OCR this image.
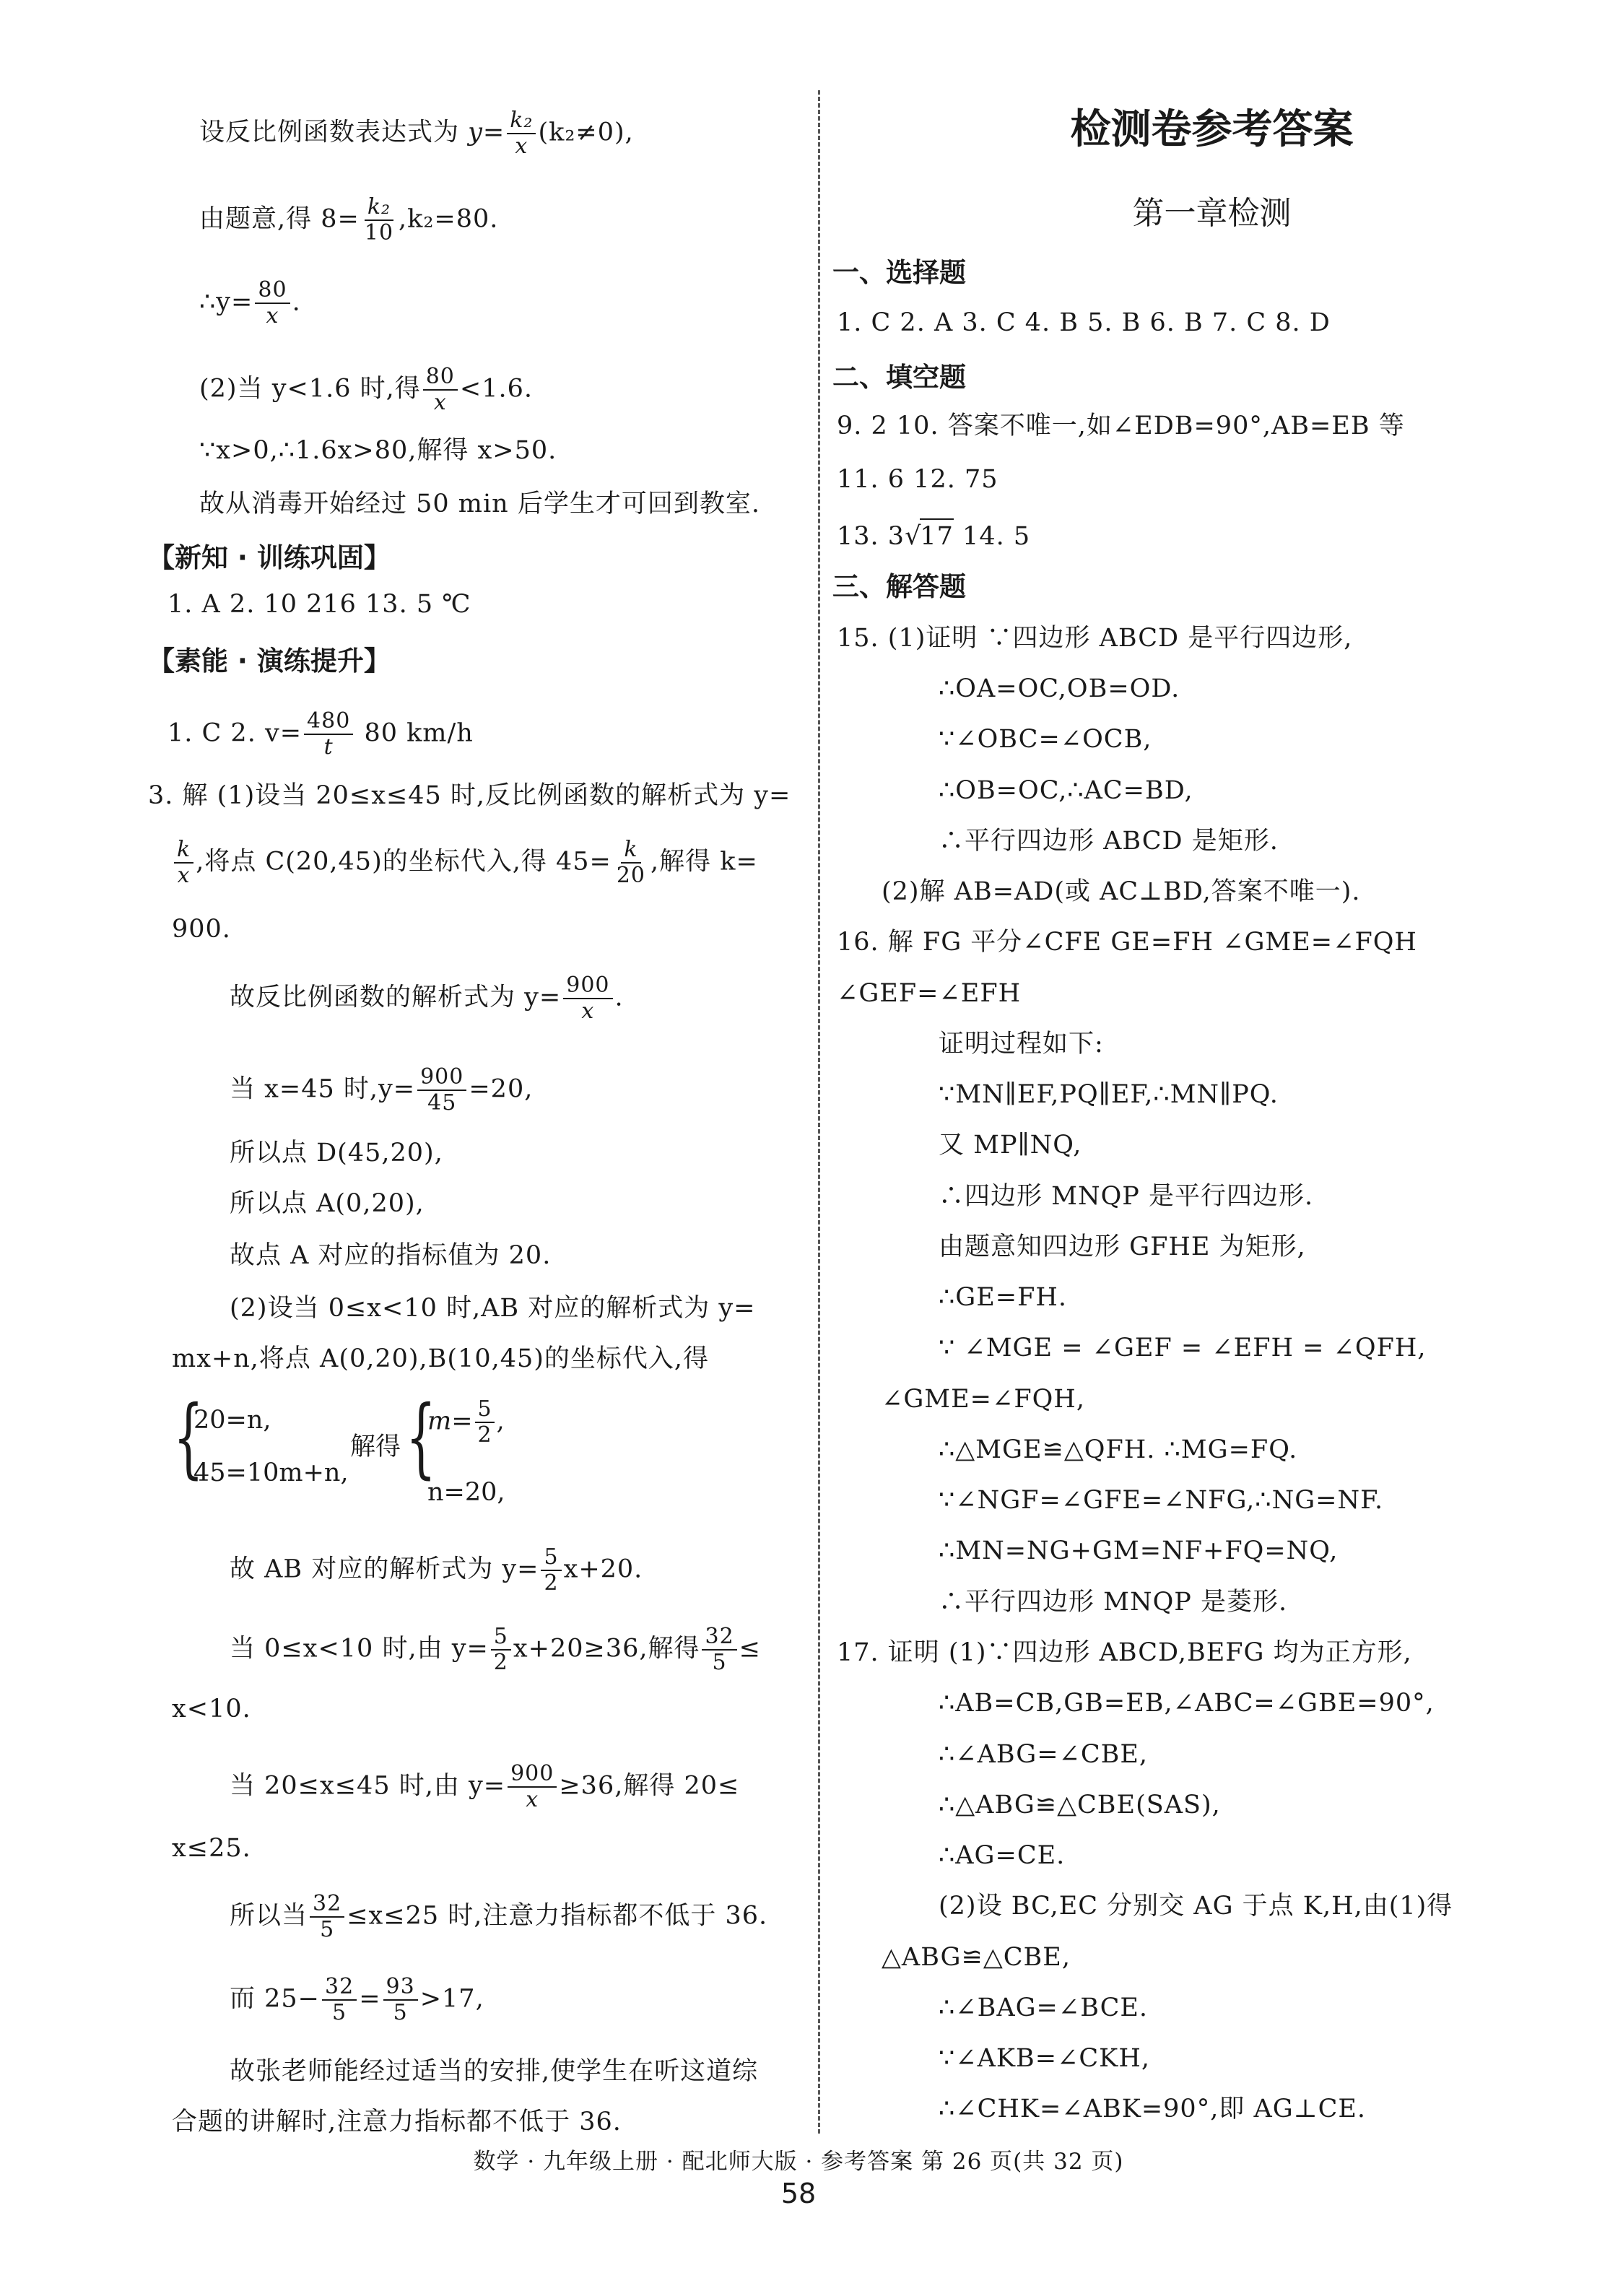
设反比例函数表达式为 $y= \frac{\text{k₂}}{x} (k_2\ne 0)$,
由题意,得 $8= \frac{\text{k₂}}{10} ,k_2=80$.
∴y= $\frac{80}{x}$ .
(2)当 y<1.6 时,得 $\frac{80}{x} <1.6$.
∵x>0,∴1.6x>80,解得 x>50.
故从消毒开始经过 50 min 后学生才可回到教室.
【新知 · 训练巩固】
1. A 2. 10 216 13. 5 ℃
【素能 · 演练提升】
1. C 2. $v= \frac{480}{t} 80$ km/h
3. 解 (1)设当 20≤x≤45 时,反比例函数的解析式为 y=
$\frac{k}{x}$ ,将点 C(20,45)的坐标代入,得 $45= \frac{k}{20}$ ,解得 k=
900.
故反比例函数的解析式为 $y= \frac{900}{x}$ .
当 x=45 时$,y= \frac{900}{45} =20$,
所以点 D(45,20),
所以点 A(0,20),
故点 A 对应的指标值为 20.
(2)设当 0≤x<10 时,AB 对应的解析式为 y=
mx+n,将点 A(0,20),B(10,45)的坐标代入,得
{
20=n,
45=10m+n,
解得 {
$m= \frac{5}{2}$ ,
n=20,
故 AB 对应的解析式为 $y= \frac{5}{2} x+20$.
当 0≤x<10 时,由 $y= \frac{5}{2} x+20\ge 36$,解得 $\frac{32}{5}$ ≤
x<10.
当 20≤x≤45 时,由 $y= \frac{900}{x} \ge 36$,解得 20≤
x≤25.
所以当 $\frac{32}{5} \le x\le 25$ 时,注意力指标都不低于 36.
而 $25- \frac{32}{5} = \frac{93}{5} >17$,
故张老师能经过适当的安排,使学生在听这道综
合题的讲解时,注意力指标都不低于 36.
检测卷参考答案
第一章检测
一、选择题
1. C 2. A 3. C 4. B 5. B 6. B 7. C 8. D
二、填空题
9. 2 10. 答案不唯一,如∠EDB=90°,AB=EB 等
11. 6 12. 75
13. 3√17 14. 5
三、解答题
15. (1)证明 ∵四边形 ABCD 是平行四边形,
∴OA=OC,OB=OD.
∵∠OBC=∠OCB,
∴OB=OC,∴AC=BD,
∴平行四边形 ABCD 是矩形.
(2)解 AB=AD(或 AC⊥BD,答案不唯一).
16. 解 FG 平分∠CFE GE=FH ∠GME=∠FQH
∠GEF=∠EFH
证明过程如下:
∵MN∥EF,PQ∥EF,∴MN∥PQ.
又 MP∥NQ,
∴四边形 MNQP 是平行四边形.
由题意知四边形 GFHE 为矩形,
∴GE=FH.
∵ ∠MGE = ∠GEF = ∠EFH = ∠QFH,
∠GME=∠FQH,
∴△MGE≌△QFH. ∴MG=FQ.
∵∠NGF=∠GFE=∠NFG,∴NG=NF.
∴MN=NG+GM=NF+FQ=NQ,
∴平行四边形 MNQP 是菱形.
17. 证明 (1)∵四边形 ABCD,BEFG 均为正方形,
∴AB=CB,GB=EB,∠ABC=∠GBE=90°,
∴∠ABG=∠CBE,
∴△ABG≌△CBE(SAS),
∴AG=CE.
(2)设 BC,EC 分别交 AG 于点 K,H,由(1)得
△ABG≌△CBE,
∴∠BAG=∠BCE.
∵∠AKB=∠CKH,
∴∠CHK=∠ABK=90°,即 AG⊥CE.
数学 · 九年级上册 · 配北师大版 · 参考答案 第 26 页(共 32 页)
58
